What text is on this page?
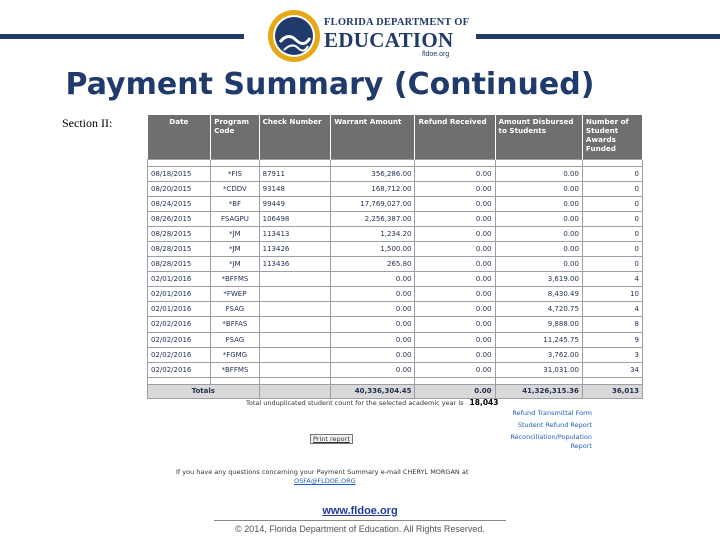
FLORIDA DEPARTMENT OF
EDUCATION
fldoe.org
Payment Summary (Continued)
Section II:	Date	Program Code	Check Number	Warrant Amount	Refund Received	Amount Disbursed to Students	Number of Student Awards Funded

08/18/2015	*FIS	87911	356,286.00	0.00	0.00	0
08/20/2015	*CDDV	93148	168,712.00	0.00	0.00	0
08/24/2015	*BF	99449	17,769,027.00	0.00	0.00	0
08/26/2015	FSAGPU	106498	2,256,387.00	0.00	0.00	0
08/28/2015	*JM	113413	1,234.20	0.00	0.00	0
08/28/2015	*JM	113426	1,500.00	0.00	0.00	0
08/28/2015	*JM	113436	265.80	0.00	0.00	0
02/01/2016	*BFFMS		0.00	0.00	3,619.00	4
02/01/2016	*FWEP		0.00	0.00	8,430.49	10
02/01/2016	FSAG		0.00	0.00	4,720.75	4
02/02/2016	*BFFAS		0.00	0.00	9,888.00	8
02/02/2016	FSAG		0.00	0.00	11,245.75	9
02/02/2016	*FGMG		0.00	0.00	3,762.00	3
02/02/2016	*BFFMS		0.00	0.00	31,031.00	34

Totals			40,336,304.45	0.00	41,326,315.36	36,013
Total unduplicated student count for the selected academic year is 18,043
Refund Transmittal Form
Student Refund Report
Reconciliation/Population Report
Print report
If you have any questions concerning your Payment Summary e-mail CHERYL MORGAN at
OSFA@FLDOE.ORG
www.fldoe.org
© 2014, Florida Department of Education. All Rights Reserved.
